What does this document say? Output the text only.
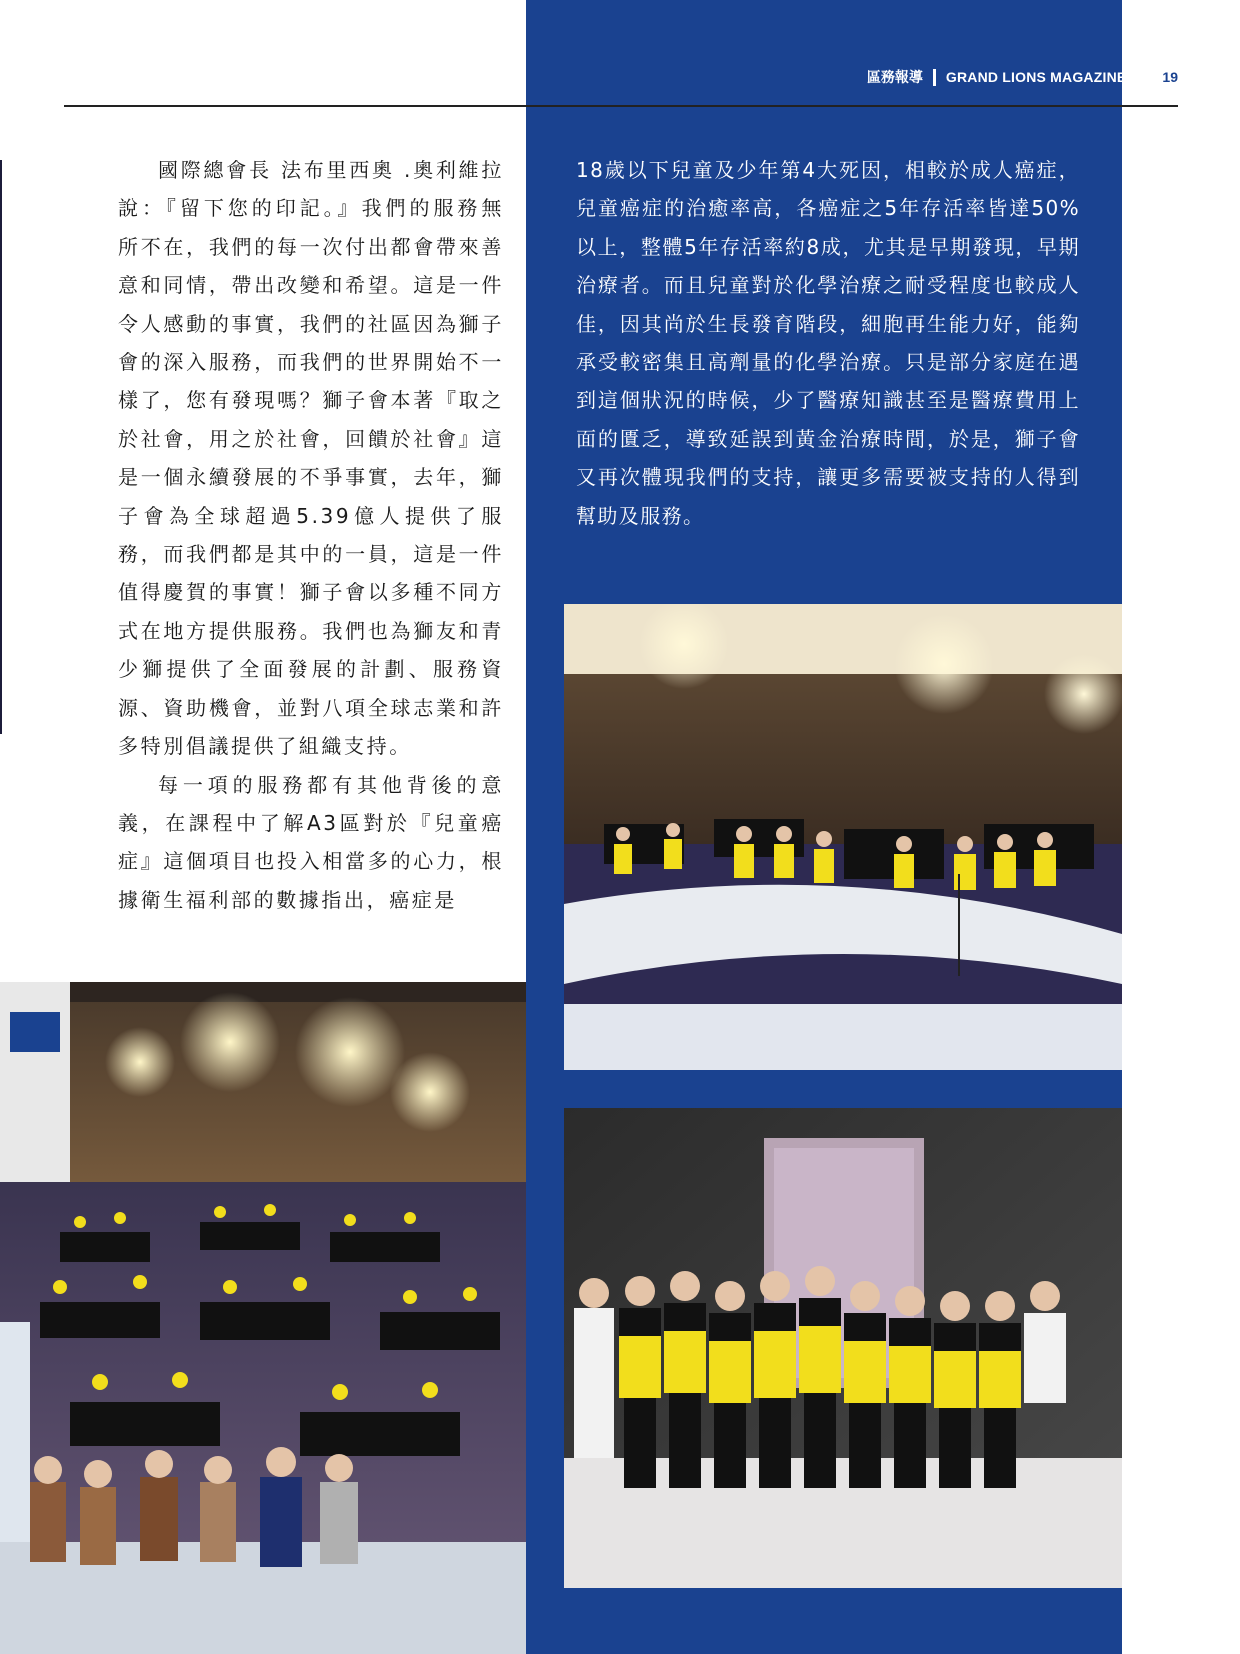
區務報導 GRAND LIONS MAGAZINE	19

國際總會長 法布里西奧 .奧利維拉說：『留下您的印記。』我們的服務無所不在，我們的每一次付出都會帶來善意和同情，帶出改變和希望。這是一件令人感動的事實，我們的社區因為獅子會的深入服務，而我們的世界開始不一樣了，您有發現嗎？獅子會本著『取之於社會，用之於社會，回饋於社會』這是一個永續發展的不爭事實，去年，獅子會為全球超過5.39億人提供了服務，而我們都是其中的一員，這是一件值得慶賀的事實！獅子會以多種不同方式在地方提供服務。我們也為獅友和青少獅提供了全面發展的計劃、服務資源、資助機會，並對八項全球志業和許多特別倡議提供了組織支持。

每一項的服務都有其他背後的意義，在課程中了解A3區對於『兒童癌症』這個項目也投入相當多的心力，根據衛生福利部的數據指出，癌症是

18歲以下兒童及少年第4大死因，相較於成人癌症，兒童癌症的治癒率高，各癌症之5年存活率皆達50%以上，整體5年存活率約8成，尤其是早期發現，早期治療者。而且兒童對於化學治療之耐受程度也較成人佳，因其尚於生長發育階段，細胞再生能力好，能夠承受較密集且高劑量的化學治療。只是部分家庭在遇到這個狀況的時候，少了醫療知識甚至是醫療費用上面的匱乏，導致延誤到黃金治療時間，於是，獅子會又再次體現我們的支持，讓更多需要被支持的人得到幫助及服務。
